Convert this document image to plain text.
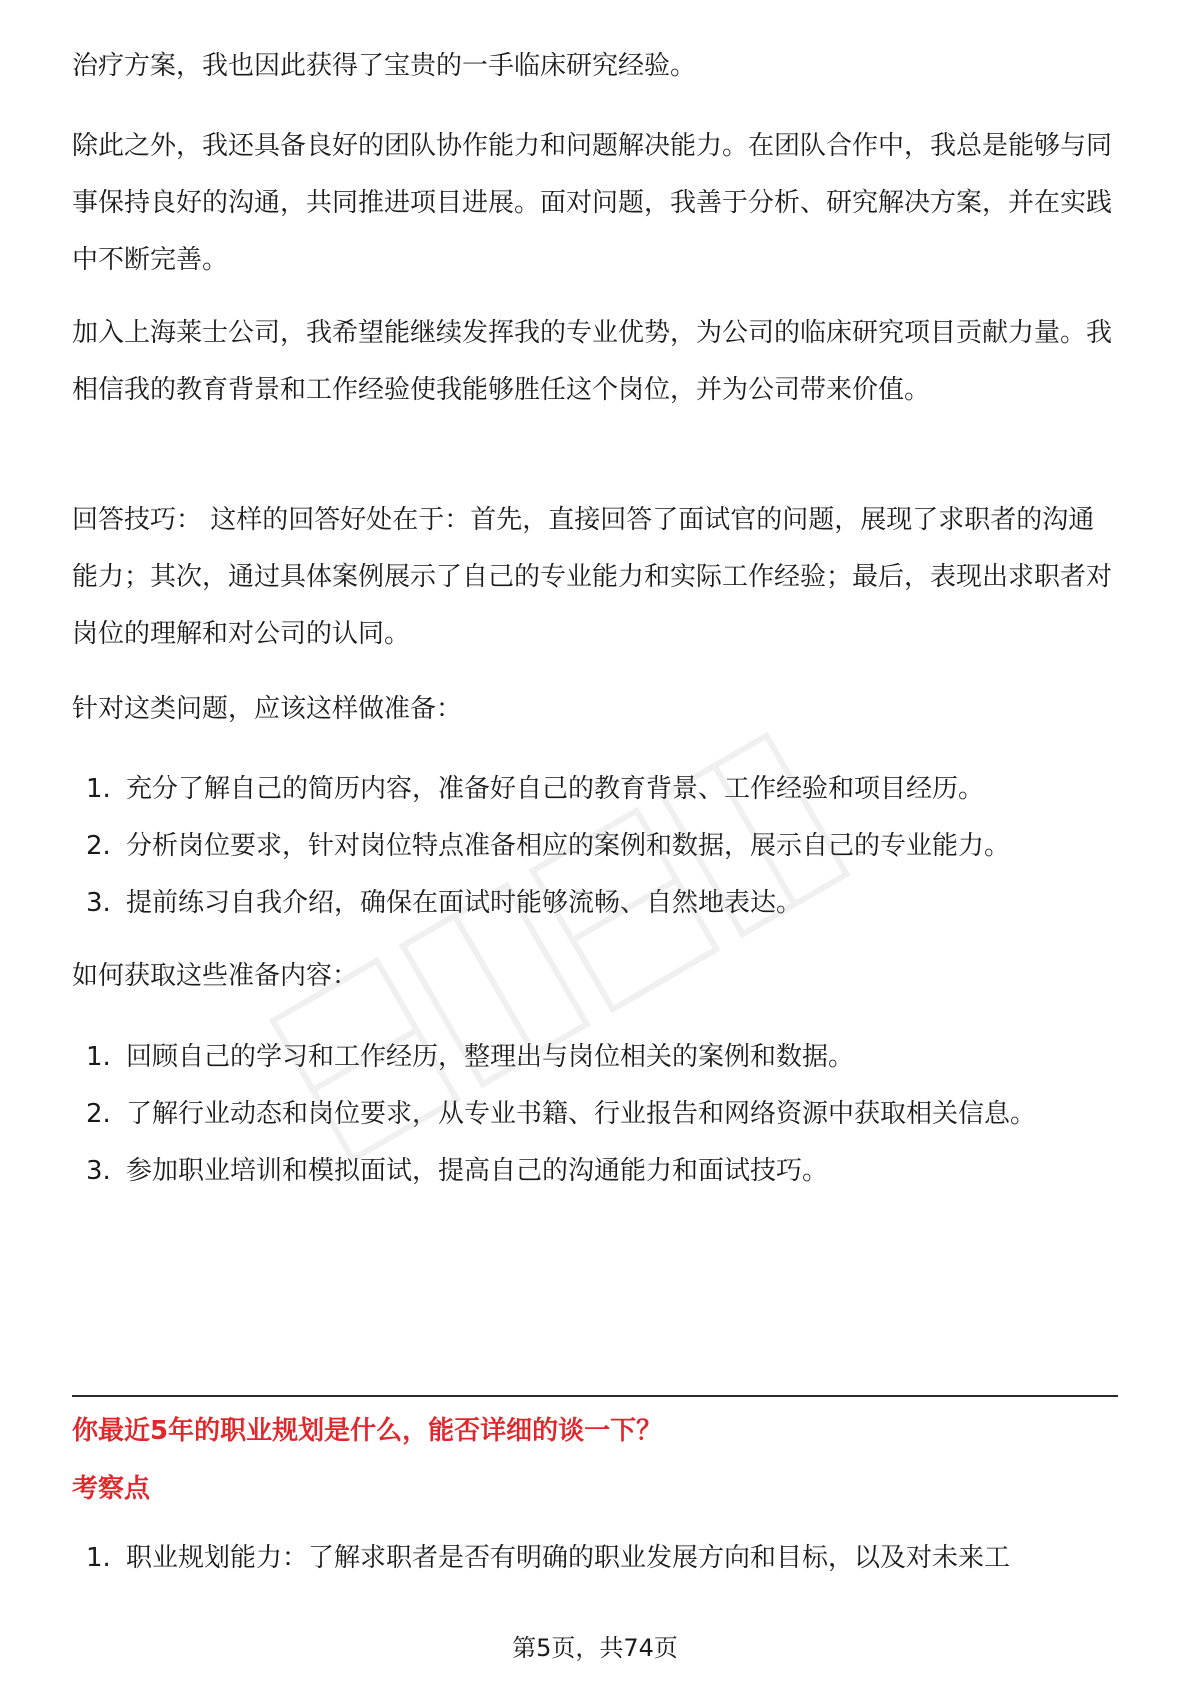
治疗方案，我也因此获得了宝贵的一手临床研究经验。

除此之外，我还具备良好的团队协作能力和问题解决能力。在团队合作中，我总是能够与同事保持良好的沟通，共同推进项目进展。面对问题，我善于分析、研究解决方案，并在实践中不断完善。

加入上海莱士公司，我希望能继续发挥我的专业优势，为公司的临床研究项目贡献力量。我相信我的教育背景和工作经验使我能够胜任这个岗位，并为公司带来价值。

回答技巧： 这样的回答好处在于：首先，直接回答了面试官的问题，展现了求职者的沟通能力；其次，通过具体案例展示了自己的专业能力和实际工作经验；最后，表现出求职者对岗位的理解和对公司的认同。

针对这类问题，应该这样做准备：

1. 充分了解自己的简历内容，准备好自己的教育背景、工作经验和项目经历。
2. 分析岗位要求，针对岗位特点准备相应的案例和数据，展示自己的专业能力。
3. 提前练习自我介绍，确保在面试时能够流畅、自然地表达。

如何获取这些准备内容：

1. 回顾自己的学习和工作经历，整理出与岗位相关的案例和数据。
2. 了解行业动态和岗位要求，从专业书籍、行业报告和网络资源中获取相关信息。
3. 参加职业培训和模拟面试，提高自己的沟通能力和面试技巧。
你最近5年的职业规划是什么，能否详细的谈一下？
考察点
1. 职业规划能力：了解求职者是否有明确的职业发展方向和目标，以及对未来工
第5页，共74页
